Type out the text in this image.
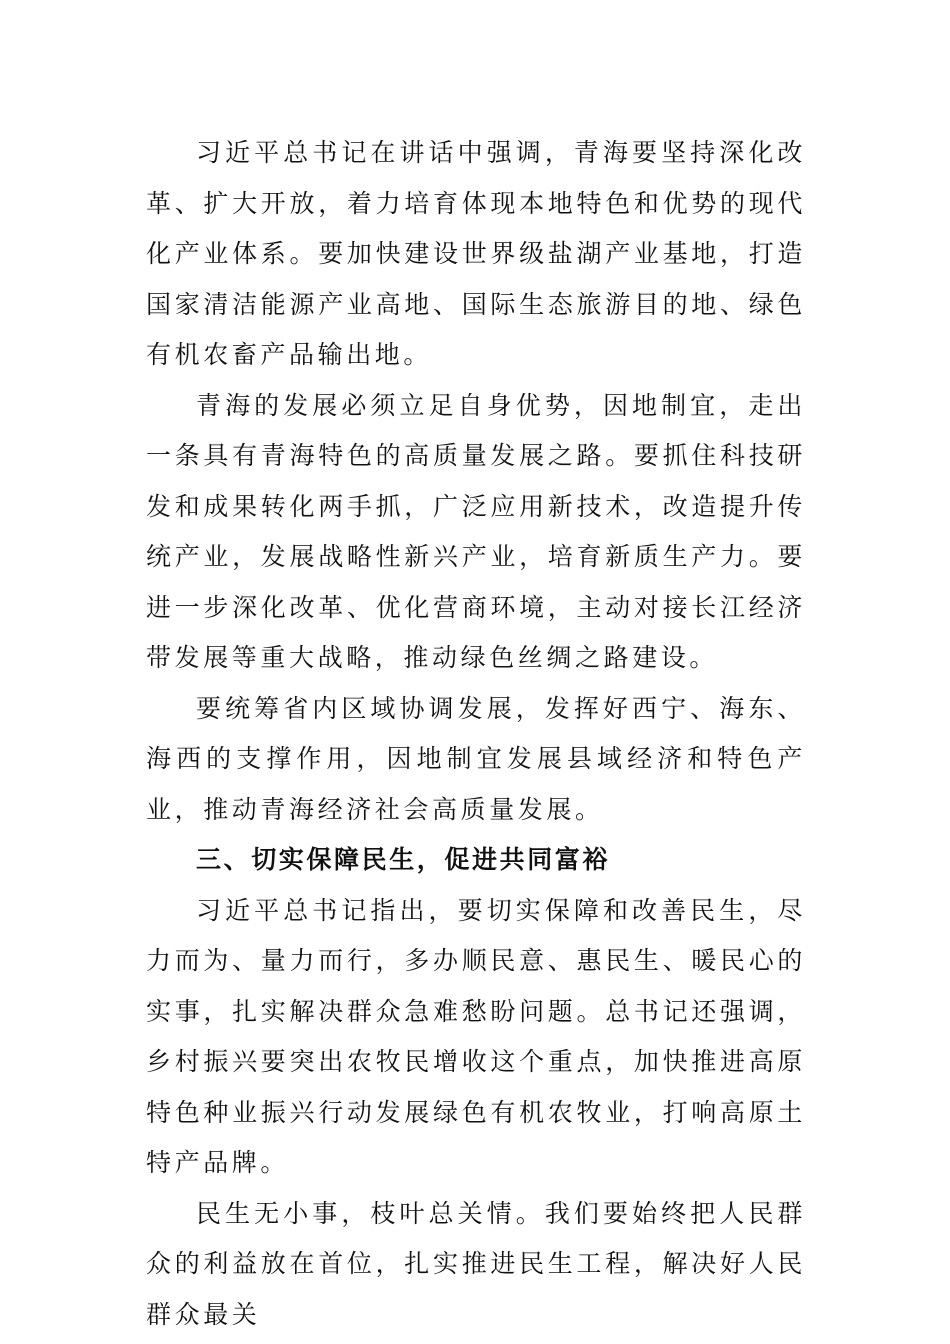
习近平总书记在讲话中强调，青海要坚持深化改革、扩大开放，着力培育体现本地特色和优势的现代化产业体系。要加快建设世界级盐湖产业基地，打造国家清洁能源产业高地、国际生态旅游目的地、绿色有机农畜产品输出地。

青海的发展必须立足自身优势，因地制宜，走出一条具有青海特色的高质量发展之路。要抓住科技研发和成果转化两手抓，广泛应用新技术，改造提升传统产业，发展战略性新兴产业，培育新质生产力。要进一步深化改革、优化营商环境，主动对接长江经济带发展等重大战略，推动绿色丝绸之路建设。

要统筹省内区域协调发展，发挥好西宁、海东、海西的支撑作用，因地制宜发展县域经济和特色产业，推动青海经济社会高质量发展。

三、切实保障民生，促进共同富裕

习近平总书记指出，要切实保障和改善民生，尽力而为、量力而行，多办顺民意、惠民生、暖民心的实事，扎实解决群众急难愁盼问题。总书记还强调，乡村振兴要突出农牧民增收这个重点，加快推进高原特色种业振兴行动发展绿色有机农牧业，打响高原土特产品牌。

民生无小事，枝叶总关情。我们要始终把人民群众的利益放在首位，扎实推进民生工程，解决好人民群众最关
